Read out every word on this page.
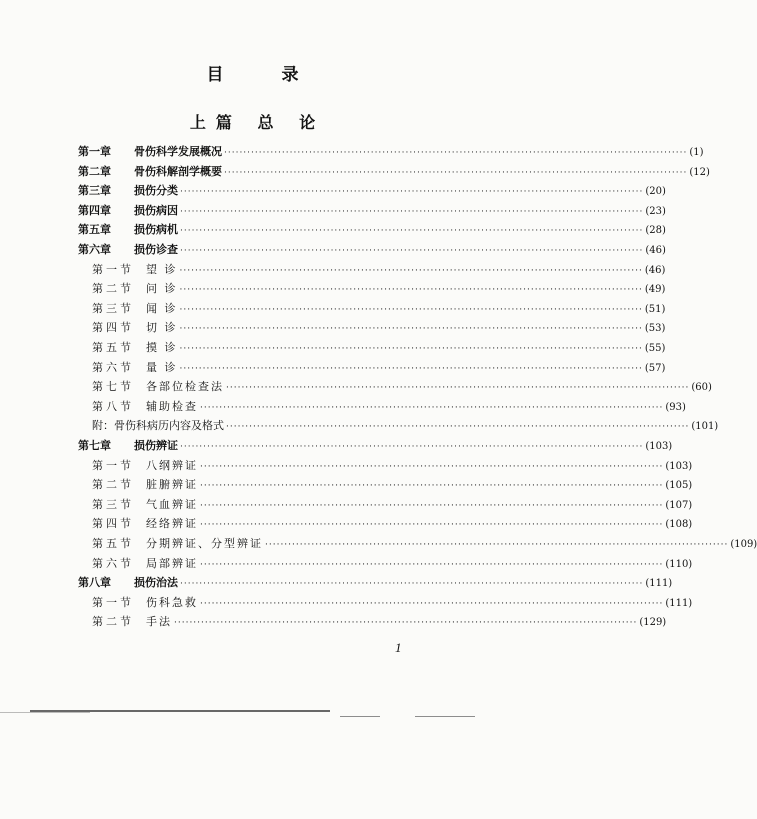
目 录
上篇 总 论
第一章	骨伤科学发展概况 ························································································································ (1)
第二章	骨伤科解剖学概要 ························································································································ (12)
第三章	损伤分类 ························································································································ (20)
第四章	损伤病因 ························································································································ (23)
第五章	损伤病机 ························································································································ (28)
第六章	损伤诊查 ························································································································ (46)
第一节	望 诊 ························································································································ (46)
第二节	问 诊 ························································································································ (49)
第三节	闻 诊 ························································································································ (51)
第四节	切 诊 ························································································································ (53)
第五节	摸 诊 ························································································································ (55)
第六节	量 诊 ························································································································ (57)
第七节	各部位检查法 ························································································································ (60)
第八节	辅助检查 ························································································································ (93)
附：骨伤科病历内容及格式 ························································································································ (101)
第七章	损伤辨证 ························································································································ (103)
第一节	八纲辨证 ························································································································ (103)
第二节	脏腑辨证 ························································································································ (105)
第三节	气血辨证 ························································································································ (107)
第四节	经络辨证 ························································································································ (108)
第五节	分期辨证、分型辨证 ························································································································ (109)
第六节	局部辨证 ························································································································ (110)
第八章	损伤治法 ························································································································ (111)
第一节	伤科急救 ························································································································ (111)
第二节	手法 ························································································································ (129)
1
